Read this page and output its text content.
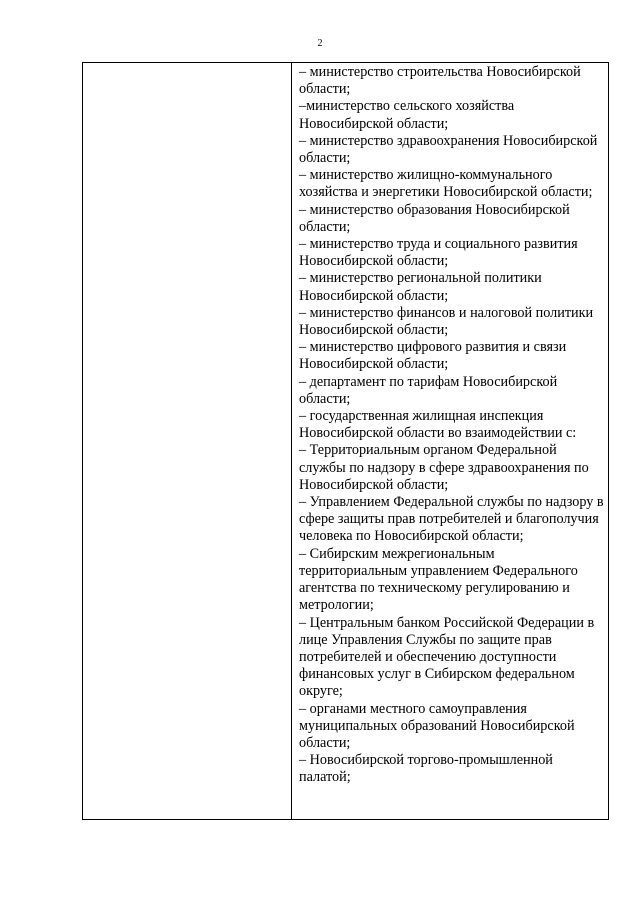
2

– министерство строительства Новосибирской области;

–министерство сельского хозяйства Новосибирской области;

– министерство здравоохранения Новосибирской области;

– министерство жилищно-коммунального хозяйства и энергетики Новосибирской области;

– министерство образования Новосибирской области;

– министерство труда и социального развития Новосибирской области;

– министерство региональной политики Новосибирской области;

– министерство финансов и налоговой политики Новосибирской области;

– министерство цифрового развития и связи Новосибирской области;

– департамент по тарифам Новосибирской области;

– государственная жилищная инспекция Новосибирской области во взаимодействии с:

– Территориальным органом Федеральной службы по надзору в сфере здравоохранения по Новосибирской области;

– Управлением Федеральной службы по надзору в сфере защиты прав потребителей и благополучия человека по Новосибирской области;

– Сибирским межрегиональным территориальным управлением Федерального агентства по техническому регулированию и метрологии;

– Центральным банком Российской Федерации в лице Управления Службы по защите прав потребителей и обеспечению доступности финансовых услуг в Сибирском федеральном округе;

– органами местного самоуправления муниципальных образований Новосибирской области;

– Новосибирской торгово-промышленной палатой;
